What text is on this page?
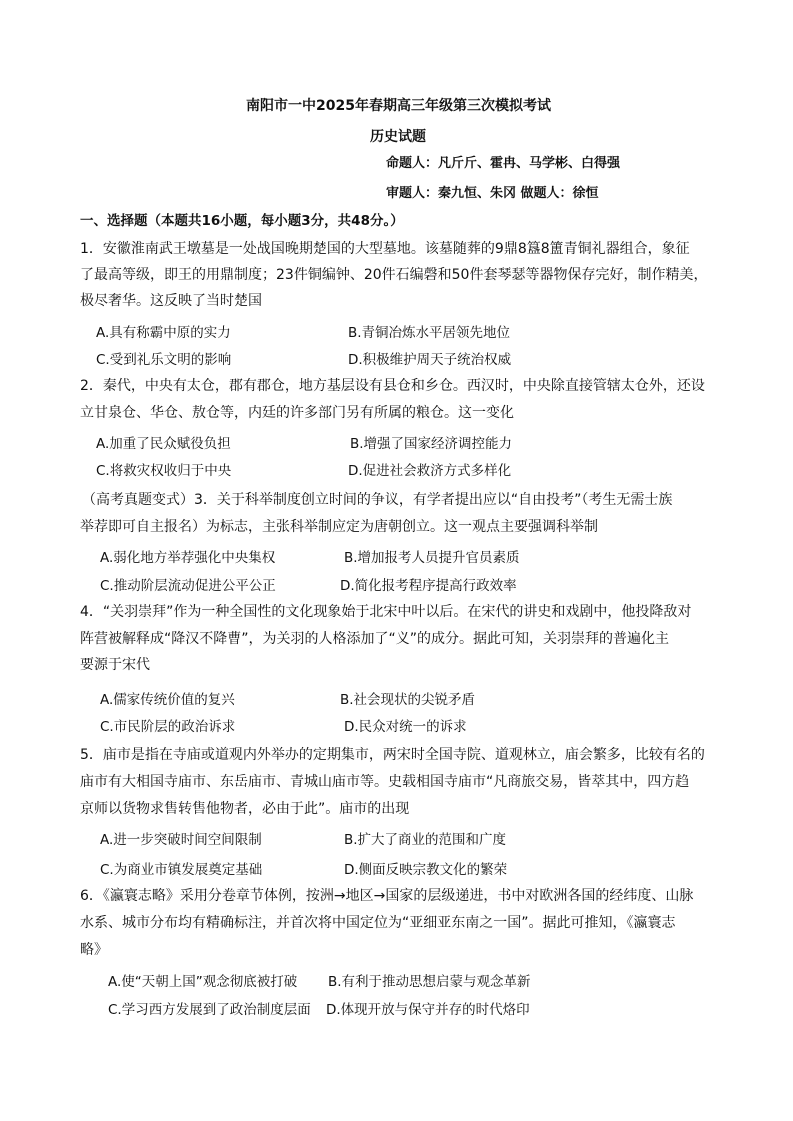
南阳市一中2025年春期高三年级第三次模拟考试
历史试题
命题人：凡斤斤、霍冉、马学彬、白得强
审题人：秦九恒、朱冈 做题人：徐恒
一、选择题（本题共16小题，每小题3分，共48分。）
1．安徽淮南武王墩墓是一处战国晚期楚国的大型墓地。该墓随葬的9鼎8簋8簠青铜礼器组合，象征
了最高等级，即王的用鼎制度；23件铜编钟、20件石编磬和50件套琴瑟等器物保存完好，制作精美，
极尽奢华。这反映了当时楚国
A.具有称霸中原的实力	B.青铜冶炼水平居领先地位
C.受到礼乐文明的影响	D.积极维护周天子统治权威
2．秦代，中央有太仓，郡有郡仓，地方基层设有县仓和乡仓。西汉时，中央除直接管辖太仓外，还设
立甘泉仓、华仓、敖仓等，内廷的许多部门另有所属的粮仓。这一变化
A.加重了民众赋役负担	B.增强了国家经济调控能力
C.将救灾权收归于中央	D.促进社会救济方式多样化
（高考真题变式）3．关于科举制度创立时间的争议，有学者提出应以“自由投考”（考生无需士族
举荐即可自主报名）为标志，主张科举制应定为唐朝创立。这一观点主要强调科举制
A.弱化地方举荐强化中央集权	B.增加报考人员提升官员素质
C.推动阶层流动促进公平公正	D.简化报考程序提高行政效率
4．“关羽崇拜”作为一种全国性的文化现象始于北宋中叶以后。在宋代的讲史和戏剧中，他投降敌对
阵营被解释成“降汉不降曹”，为关羽的人格添加了“义”的成分。据此可知，关羽崇拜的普遍化主
要源于宋代
A.儒家传统价值的复兴	B.社会现状的尖锐矛盾
C.市民阶层的政治诉求	D.民众对统一的诉求
5．庙市是指在寺庙或道观内外举办的定期集市，两宋时全国寺院、道观林立，庙会繁多，比较有名的
庙市有大相国寺庙市、东岳庙市、青城山庙市等。史载相国寺庙市“凡商旅交易，皆萃其中，四方趋
京师以货物求售转售他物者，必由于此”。庙市的出现
A.进一步突破时间空间限制	B.扩大了商业的范围和广度
C.为商业市镇发展奠定基础	D.侧面反映宗教文化的繁荣
6．《瀛寰志略》采用分卷章节体例，按洲→地区→国家的层级递进，书中对欧洲各国的经纬度、山脉
水系、城市分布均有精确标注，并首次将中国定位为“亚细亚东南之一国”。据此可推知，《瀛寰志
略》
A.使“天朝上国”观念彻底被打破 B.有利于推动思想启蒙与观念革新
C.学习西方发展到了政治制度层面 D.体现开放与保守并存的时代烙印
